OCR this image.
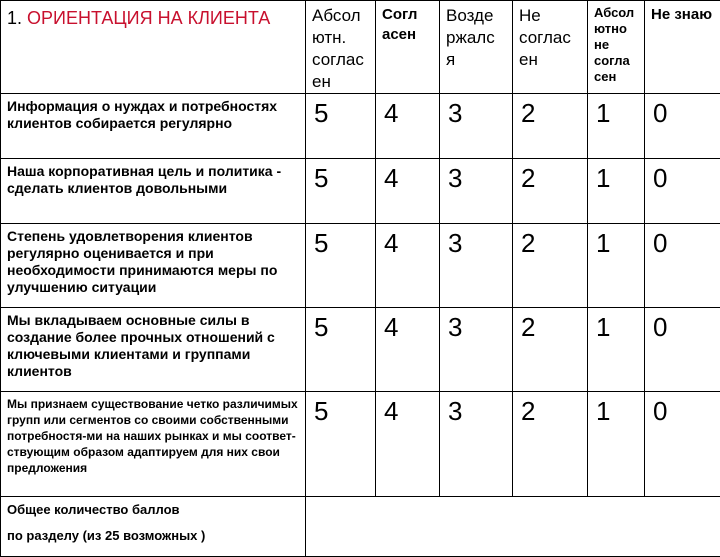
1. ОРИЕНТАЦИЯ НА КЛИЕНТА	Абсол ютн. соглас ен	Согл асен	Возде ржалс я	Не соглас ен	Абсол ютно не согла сен	Не знаю
Информация о нуждах и потребностях клиентов собирается регулярно	5	4	3	2	1	0
Наша корпоративная цель и политика - сделать клиентов довольными	5	4	3	2	1	0
Степень удовлетворения клиентов регулярно оценивается и при необходимости принимаются меры по улучшению ситуации	5	4	3	2	1	0
Мы вкладываем основные силы в создание более прочных отношений с ключевыми клиентами и группами клиентов	5	4	3	2	1	0
Мы признаем существование четко различимых групп или сегментов со своими собственными потребностя-ми на наших рынках и мы соответ-ствующим образом адаптируем для них свои предложения	5	4	3	2	1	0

Общее количество баллов
по разделу (из 25 возможных )						
